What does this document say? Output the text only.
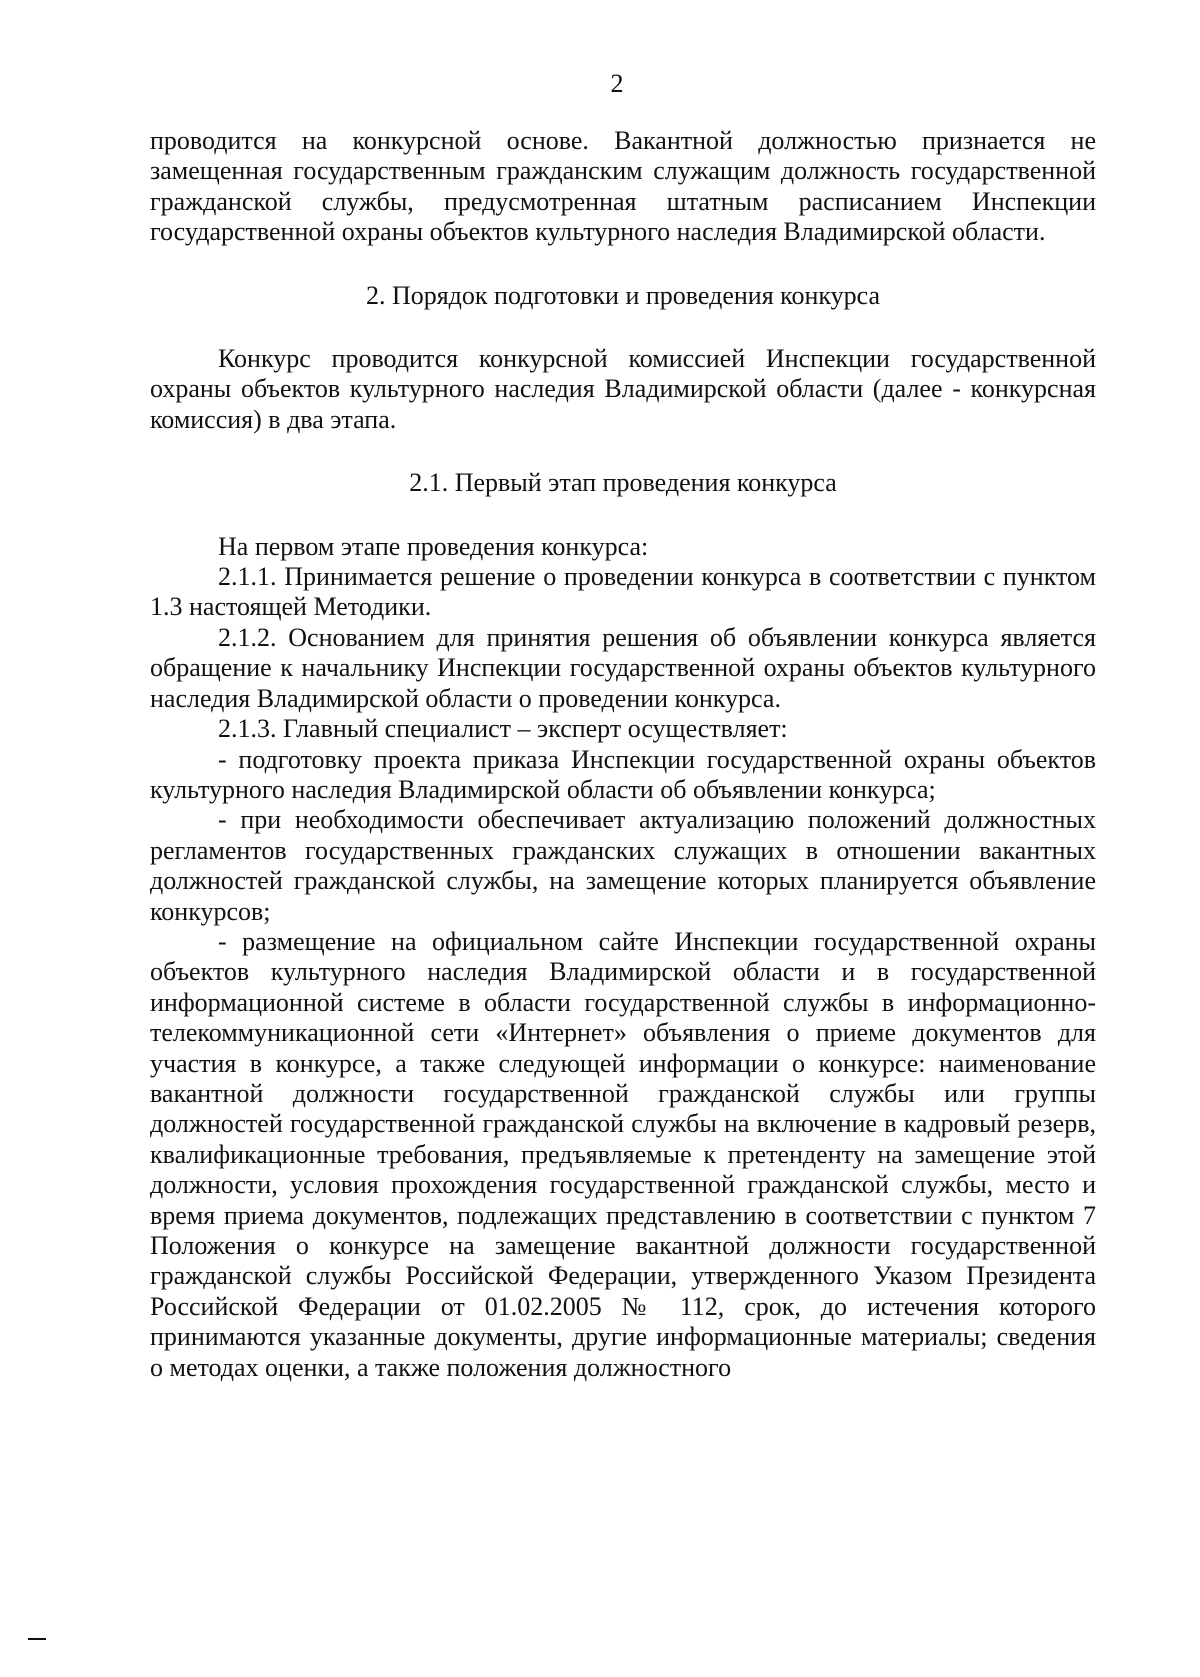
2

проводится на конкурсной основе. Вакантной должностью признается не замещенная государственным гражданским служащим должность государственной гражданской службы, предусмотренная штатным расписанием Инспекции государственной охраны объектов культурного наследия Владимирской области.

2. Порядок подготовки и проведения конкурса

Конкурс проводится конкурсной комиссией Инспекции государственной охраны объектов культурного наследия Владимирской области (далее - конкурсная комиссия) в два этапа.

2.1. Первый этап проведения конкурса

На первом этапе проведения конкурса:

2.1.1. Принимается решение о проведении конкурса в соответствии с пунктом 1.3 настоящей Методики.

2.1.2. Основанием для принятия решения об объявлении конкурса является обращение к начальнику Инспекции государственной охраны объектов культурного наследия Владимирской области о проведении конкурса.

2.1.3. Главный специалист – эксперт осуществляет:

- подготовку проекта приказа Инспекции государственной охраны объектов культурного наследия Владимирской области об объявлении конкурса;

- при необходимости обеспечивает актуализацию положений должностных регламентов государственных гражданских служащих в отношении вакантных должностей гражданской службы, на замещение которых планируется объявление конкурсов;

- размещение на официальном сайте Инспекции государственной охраны объектов культурного наследия Владимирской области и в государственной информационной системе в области государственной службы в информационно-телекоммуникационной сети «Интернет» объявления о приеме документов для участия в конкурсе, а также следующей информации о конкурсе: наименование вакантной должности государственной гражданской службы или группы должностей государственной гражданской службы на включение в кадровый резерв, квалификационные требования, предъявляемые к претенденту на замещение этой должности, условия прохождения государственной гражданской службы, место и время приема документов, подлежащих представлению в соответствии с пунктом 7 Положения о конкурсе на замещение вакантной должности государственной гражданской службы Российской Федерации, утвержденного Указом Президента Российской Федерации от 01.02.2005 № 112, срок, до истечения которого принимаются указанные документы, другие информационные материалы; сведения о методах оценки, а также положения должностного
